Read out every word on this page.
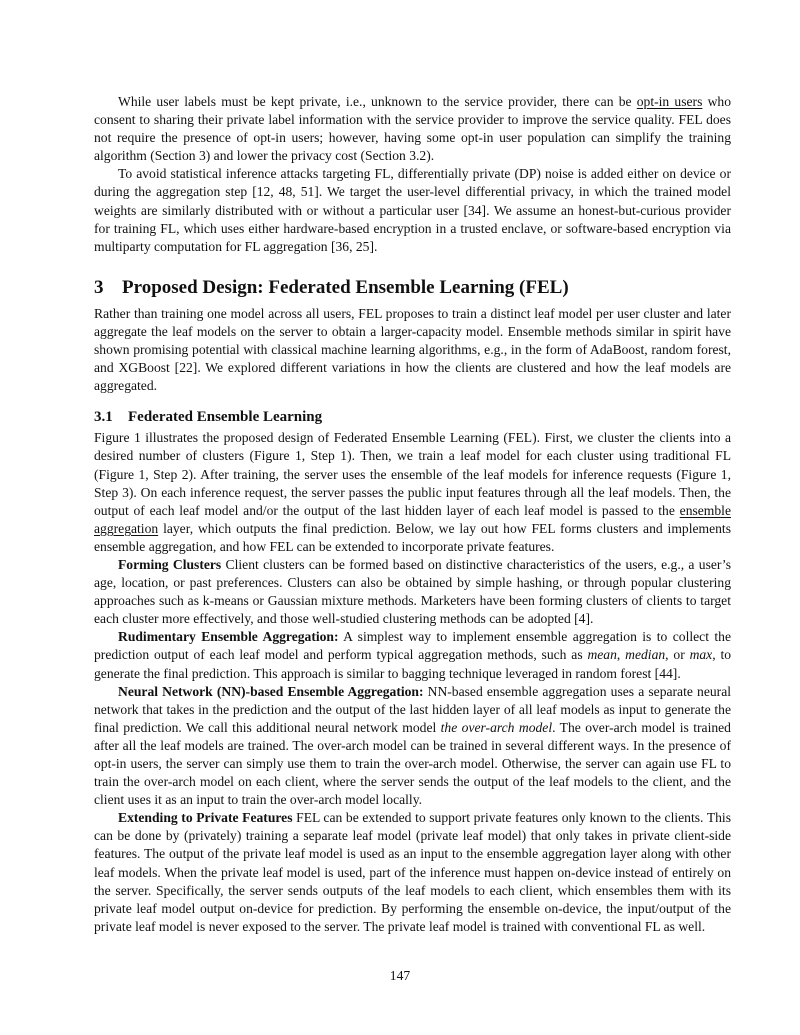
While user labels must be kept private, i.e., unknown to the service provider, there can be opt-in users who consent to sharing their private label information with the service provider to improve the service quality. FEL does not require the presence of opt-in users; however, having some opt-in user population can simplify the training algorithm (Section 3) and lower the privacy cost (Section 3.2).

To avoid statistical inference attacks targeting FL, differentially private (DP) noise is added either on device or during the aggregation step [12, 48, 51]. We target the user-level differential privacy, in which the trained model weights are similarly distributed with or without a particular user [34]. We assume an honest-but-curious provider for training FL, which uses either hardware-based encryption in a trusted enclave, or software-based encryption via multiparty computation for FL aggregation [36, 25].

3 Proposed Design: Federated Ensemble Learning (FEL)

Rather than training one model across all users, FEL proposes to train a distinct leaf model per user cluster and later aggregate the leaf models on the server to obtain a larger-capacity model. Ensemble methods similar in spirit have shown promising potential with classical machine learning algorithms, e.g., in the form of AdaBoost, random forest, and XGBoost [22]. We explored different variations in how the clients are clustered and how the leaf models are aggregated.

3.1 Federated Ensemble Learning

Figure 1 illustrates the proposed design of Federated Ensemble Learning (FEL). First, we cluster the clients into a desired number of clusters (Figure 1, Step 1). Then, we train a leaf model for each cluster using traditional FL (Figure 1, Step 2). After training, the server uses the ensemble of the leaf models for inference requests (Figure 1, Step 3). On each inference request, the server passes the public input features through all the leaf models. Then, the output of each leaf model and/or the output of the last hidden layer of each leaf model is passed to the ensemble aggregation layer, which outputs the final prediction. Below, we lay out how FEL forms clusters and implements ensemble aggregation, and how FEL can be extended to incorporate private features.

Forming Clusters Client clusters can be formed based on distinctive characteristics of the users, e.g., a user’s age, location, or past preferences. Clusters can also be obtained by simple hashing, or through popular clustering approaches such as k-means or Gaussian mixture methods. Marketers have been forming clusters of clients to target each cluster more effectively, and those well-studied clustering methods can be adopted [4].

Rudimentary Ensemble Aggregation: A simplest way to implement ensemble aggregation is to collect the prediction output of each leaf model and perform typical aggregation methods, such as mean, median, or max, to generate the final prediction. This approach is similar to bagging technique leveraged in random forest [44].

Neural Network (NN)-based Ensemble Aggregation: NN-based ensemble aggregation uses a separate neural network that takes in the prediction and the output of the last hidden layer of all leaf models as input to generate the final prediction. We call this additional neural network model the over-arch model. The over-arch model is trained after all the leaf models are trained. The over-arch model can be trained in several different ways. In the presence of opt-in users, the server can simply use them to train the over-arch model. Otherwise, the server can again use FL to train the over-arch model on each client, where the server sends the output of the leaf models to the client, and the client uses it as an input to train the over-arch model locally.

Extending to Private Features FEL can be extended to support private features only known to the clients. This can be done by (privately) training a separate leaf model (private leaf model) that only takes in private client-side features. The output of the private leaf model is used as an input to the ensemble aggregation layer along with other leaf models. When the private leaf model is used, part of the inference must happen on-device instead of entirely on the server. Specifically, the server sends outputs of the leaf models to each client, which ensembles them with its private leaf model output on-device for prediction. By performing the ensemble on-device, the input/output of the private leaf model is never exposed to the server. The private leaf model is trained with conventional FL as well.

147
